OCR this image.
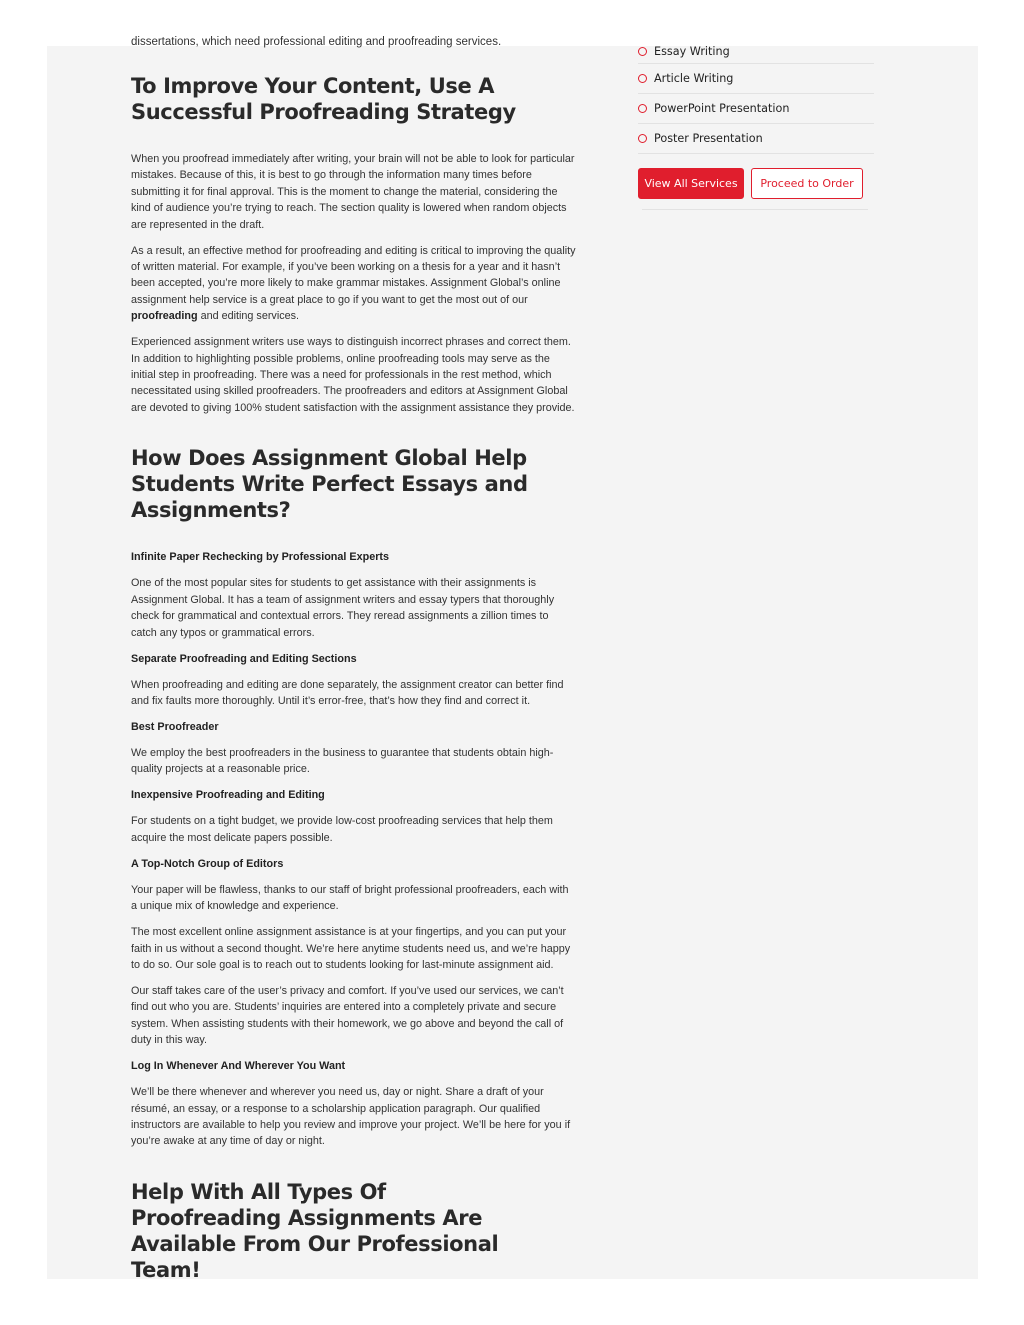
dissertations, which need professional editing and proofreading services.

To Improve Your Content, Use A Successful Proofreading Strategy

When you proofread immediately after writing, your brain will not be able to look for particular mistakes. Because of this, it is best to go through the information many times before submitting it for final approval. This is the moment to change the material, considering the kind of audience you’re trying to reach. The section quality is lowered when random objects are represented in the draft.

As a result, an effective method for proofreading and editing is critical to improving the quality of written material. For example, if you’ve been working on a thesis for a year and it hasn’t been accepted, you’re more likely to make grammar mistakes. Assignment Global’s online assignment help service is a great place to go if you want to get the most out of our proofreading and editing services.

Experienced assignment writers use ways to distinguish incorrect phrases and correct them. In addition to highlighting possible problems, online proofreading tools may serve as the initial step in proofreading. There was a need for professionals in the rest method, which necessitated using skilled proofreaders. The proofreaders and editors at Assignment Global are devoted to giving 100% student satisfaction with the assignment assistance they provide.

How Does Assignment Global Help Students Write Perfect Essays and Assignments?

Infinite Paper Rechecking by Professional Experts

One of the most popular sites for students to get assistance with their assignments is Assignment Global. It has a team of assignment writers and essay typers that thoroughly check for grammatical and contextual errors. They reread assignments a zillion times to catch any typos or grammatical errors.

Separate Proofreading and Editing Sections

When proofreading and editing are done separately, the assignment creator can better find and fix faults more thoroughly. Until it’s error-free, that’s how they find and correct it.

Best Proofreader

We employ the best proofreaders in the business to guarantee that students obtain high-quality projects at a reasonable price.

Inexpensive Proofreading and Editing

For students on a tight budget, we provide low-cost proofreading services that help them acquire the most delicate papers possible.

A Top-Notch Group of Editors

Your paper will be flawless, thanks to our staff of bright professional proofreaders, each with a unique mix of knowledge and experience.

The most excellent online assignment assistance is at your fingertips, and you can put your faith in us without a second thought. We’re here anytime students need us, and we’re happy to do so. Our sole goal is to reach out to students looking for last-minute assignment aid.

Our staff takes care of the user’s privacy and comfort. If you’ve used our services, we can’t find out who you are. Students’ inquiries are entered into a completely private and secure system. When assisting students with their homework, we go above and beyond the call of duty in this way.

Log In Whenever And Wherever You Want

We’ll be there whenever and wherever you need us, day or night. Share a draft of your résumé, an essay, or a response to a scholarship application paragraph. Our qualified instructors are available to help you review and improve your project. We’ll be here for you if you’re awake at any time of day or night.

Help With All Types Of Proofreading Assignments Are Available From Our Professional Team!
Essay Writing
Article Writing
PowerPoint Presentation
Poster Presentation
View All Services	Proceed to Order
